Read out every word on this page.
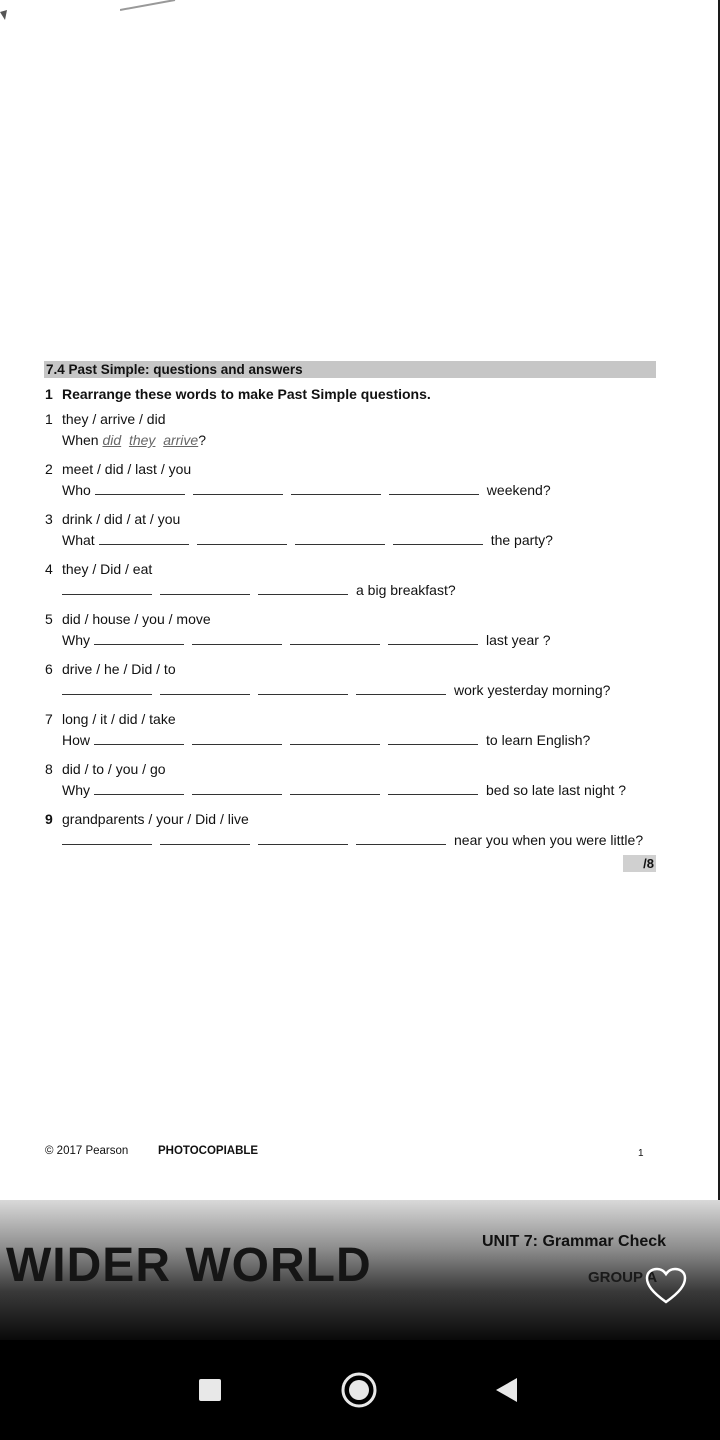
7.4 Past Simple: questions and answers
1 Rearrange these words to make Past Simple questions.
1 they / arrive / did
When did they arrive?
2 meet / did / last / you
Who	weekend?
3 drink / did / at / you
What	the party?
4 they / Did / eat
a big breakfast?
5 did / house / you / move
Why	last year ?
6 drive / he / Did / to
work yesterday morning?
7 long / it / did / take
How	to learn English?
8 did / to / you / go
Why	bed so late last night ?
9 grandparents / your / Did / live
near you when you were little?
/8
© 2017 Pearson	PHOTOCOPIABLE	1
WIDER WORLD	UNIT 7: Grammar Check
GROUP A
